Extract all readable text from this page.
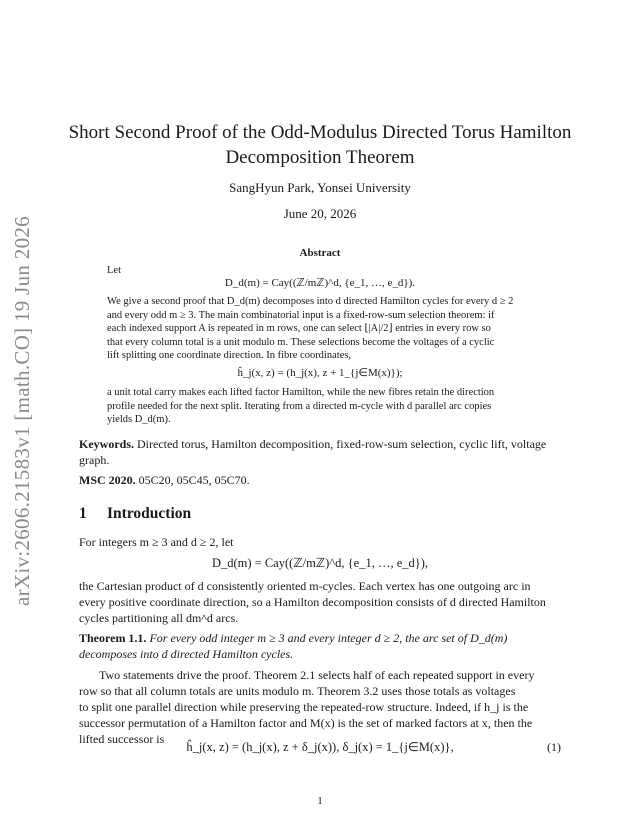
arXiv:2606.21583v1 [math.CO] 19 Jun 2026
Short Second Proof of the Odd-Modulus Directed Torus Hamilton
Decomposition Theorem
SangHyun Park, Yonsei University
June 20, 2026
Abstract
Let
D_d(m) = Cay((ℤ/mℤ)^d, {e_1, …, e_d}).
We give a second proof that D_d(m) decomposes into d directed Hamilton cycles for every d ≥ 2
and every odd m ≥ 3. The main combinatorial input is a fixed-row-sum selection theorem: if
each indexed support A is repeated in m rows, one can select ⌊|A|/2⌋ entries in every row so
that every column total is a unit modulo m. These selections become the voltages of a cyclic
lift splitting one coordinate direction. In fibre coordinates,
ĥ_j(x, z) = (h_j(x), z + 1_{j∈M(x)});
a unit total carry makes each lifted factor Hamilton, while the new fibres retain the direction
profile needed for the next split. Iterating from a directed m-cycle with d parallel arc copies
yields D_d(m).
Keywords. Directed torus, Hamilton decomposition, fixed-row-sum selection, cyclic lift, voltage
graph.
MSC 2020. 05C20, 05C45, 05C70.
1 Introduction
For integers m ≥ 3 and d ≥ 2, let
D_d(m) = Cay((ℤ/mℤ)^d, {e_1, …, e_d}),
the Cartesian product of d consistently oriented m-cycles. Each vertex has one outgoing arc in
every positive coordinate direction, so a Hamilton decomposition consists of d directed Hamilton
cycles partitioning all dm^d arcs.
Theorem 1.1. For every odd integer m ≥ 3 and every integer d ≥ 2, the arc set of D_d(m)
decomposes into d directed Hamilton cycles.
Two statements drive the proof. Theorem 2.1 selects half of each repeated support in every
row so that all column totals are units modulo m. Theorem 3.2 uses those totals as voltages
to split one parallel direction while preserving the repeated-row structure. Indeed, if h_j is the
successor permutation of a Hamilton factor and M(x) is the set of marked factors at x, then the
lifted successor is
ĥ_j(x, z) = (h_j(x), z + δ_j(x)), δ_j(x) = 1_{j∈M(x)},	(1)
1
